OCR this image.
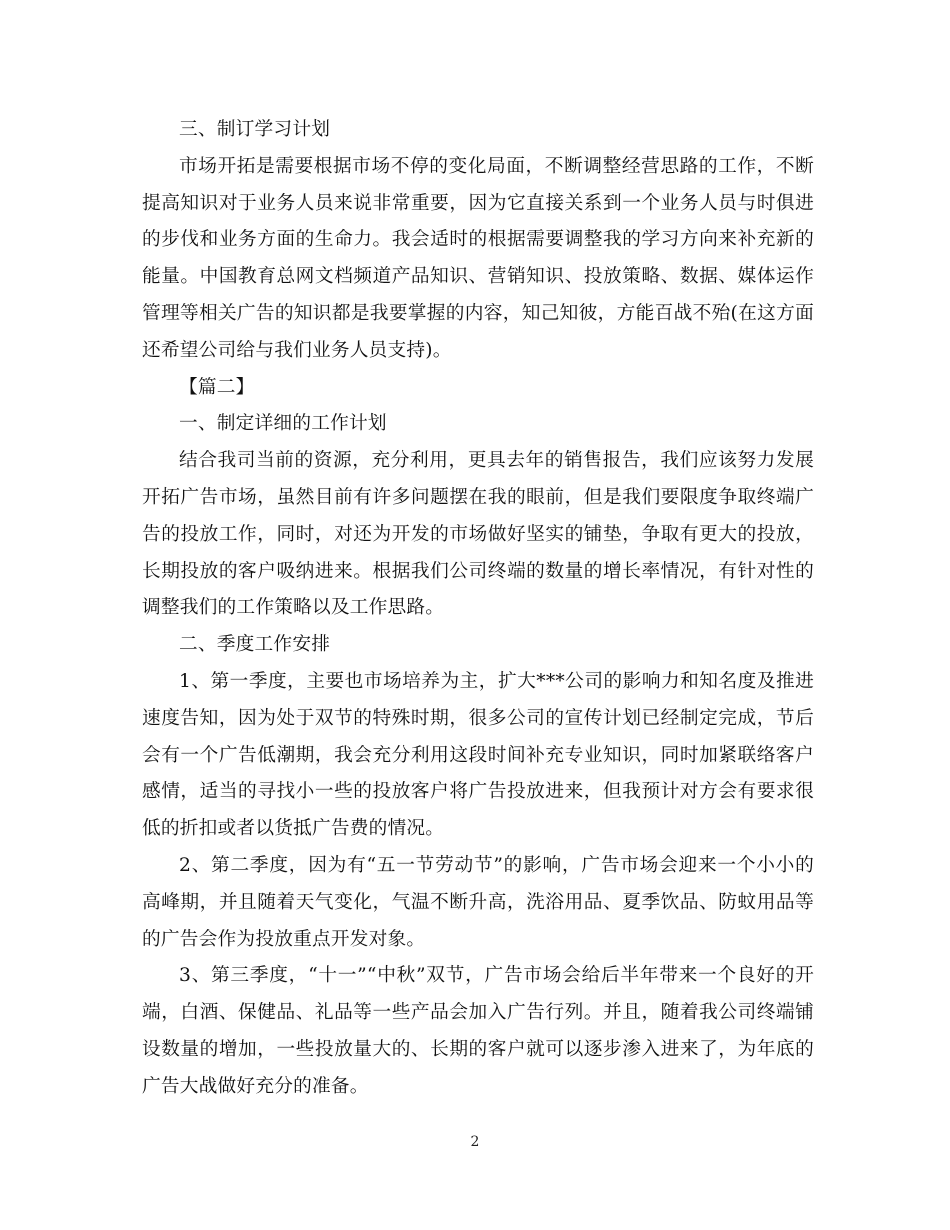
三、制订学习计划

市场开拓是需要根据市场不停的变化局面，不断调整经营思路的工作，不断提高知识对于业务人员来说非常重要，因为它直接关系到一个业务人员与时俱进的步伐和业务方面的生命力。我会适时的根据需要调整我的学习方向来补充新的能量。中国教育总网文档频道产品知识、营销知识、投放策略、数据、媒体运作管理等相关广告的知识都是我要掌握的内容，知己知彼，方能百战不殆(在这方面还希望公司给与我们业务人员支持)。

【篇二】

一、制定详细的工作计划

结合我司当前的资源，充分利用，更具去年的销售报告，我们应该努力发展开拓广告市场，虽然目前有许多问题摆在我的眼前，但是我们要限度争取终端广告的投放工作，同时，对还为开发的市场做好坚实的铺垫，争取有更大的投放，长期投放的客户吸纳进来。根据我们公司终端的数量的增长率情况，有针对性的调整我们的工作策略以及工作思路。

二、季度工作安排

1、第一季度，主要也市场培养为主，扩大***公司的影响力和知名度及推进速度告知，因为处于双节的特殊时期，很多公司的宣传计划已经制定完成，节后会有一个广告低潮期，我会充分利用这段时间补充专业知识，同时加紧联络客户感情，适当的寻找小一些的投放客户将广告投放进来，但我预计对方会有要求很低的折扣或者以货抵广告费的情况。

2、第二季度，因为有“五一节劳动节”的影响，广告市场会迎来一个小小的高峰期，并且随着天气变化，气温不断升高，洗浴用品、夏季饮品、防蚊用品等的广告会作为投放重点开发对象。

3、第三季度，“十一”“中秋”双节，广告市场会给后半年带来一个良好的开端，白酒、保健品、礼品等一些产品会加入广告行列。并且，随着我公司终端铺设数量的增加，一些投放量大的、长期的客户就可以逐步渗入进来了，为年底的广告大战做好充分的准备。

2
